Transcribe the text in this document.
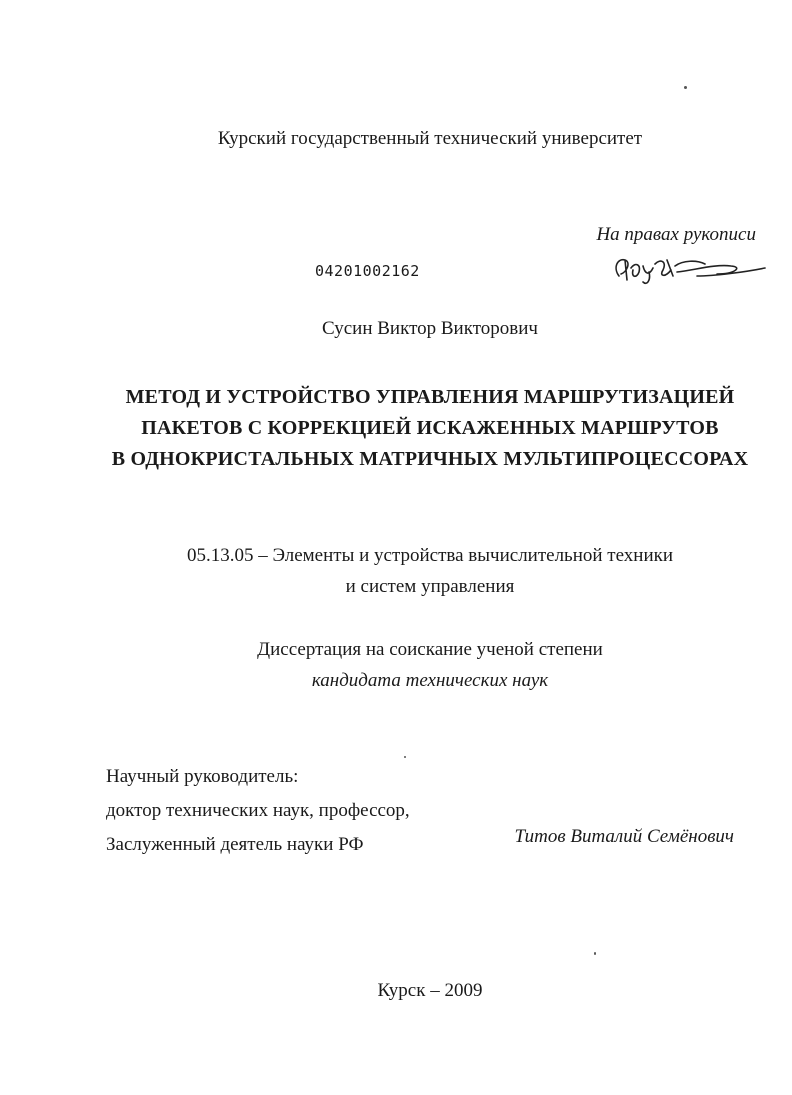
Курский государственный технический университет
На правах рукописи
04201002162
Сусин Виктор Викторович
МЕТОД И УСТРОЙСТВО УПРАВЛЕНИЯ МАРШРУТИЗАЦИЕЙ
ПАКЕТОВ С КОРРЕКЦИЕЙ ИСКАЖЕННЫХ МАРШРУТОВ
В ОДНОКРИСТАЛЬНЫХ МАТРИЧНЫХ МУЛЬТИПРОЦЕССОРАХ
05.13.05 – Элементы и устройства вычислительной техники
и систем управления
Диссертация на соискание ученой степени
кандидата технических наук
Научный руководитель:
доктор технических наук, профессор,
Заслуженный деятель науки РФ	Титов Виталий Семёнович
Курск – 2009
